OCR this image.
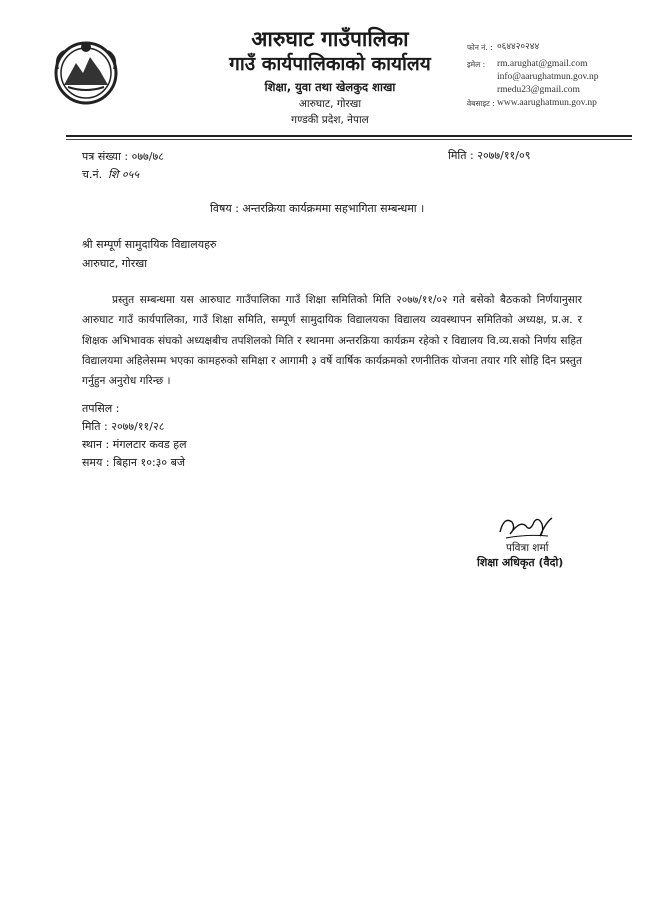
आरुघाट गाउँपालिका
गाउँ कार्यपालिकाको कार्यालय
शिक्षा, युवा तथा खेलकुद शाखा
आरुघाट, गोरखा
गण्डकी प्रदेश, नेपाल
फोन नं. : ०६४४२०२४४
इमेल :	rm.arughat@gmail.com
info@aarughatmun.gov.np
rmedu23@gmail.com
वेबसाइट : www.aarughatmun.gov.np
पत्र संख्या : ०७७/७८	मिति : २०७७/११/०९
च.नं. शि ०५५
विषय : अन्तरक्रिया कार्यक्रममा सहभागिता सम्बन्धमा ।
श्री सम्पूर्ण सामुदायिक विद्यालयहरु
आरुघाट, गोरखा
प्रस्तुत सम्बन्धमा यस आरुघाट गाउँपालिका गाउँ शिक्षा समितिको मिति २०७७/११/०२ गते बसेको बैठकको निर्णयानुसार आरुघाट गाउँ कार्यपालिका, गाउँ शिक्षा समिति, सम्पूर्ण सामुदायिक विद्यालयका विद्यालय व्यवस्थापन समितिको अध्यक्ष, प्र.अ. र शिक्षक अभिभावक संघको अध्यक्षबीच तपशिलको मिति र स्थानमा अन्तरक्रिया कार्यक्रम रहेको र विद्यालय वि.व्य.सको निर्णय सहित विद्यालयमा अहिलेसम्म भएका कामहरुको समिक्षा र आगामी ३ वर्षे वार्षिक कार्यक्रमको रणनीतिक योजना तयार गरि सोहि दिन प्रस्तुत गर्नुहुन अनुरोध गरिन्छ ।
तपसिल :
मिति : २०७७/११/२८
स्थान : मंगलटार कवड हल
समय : बिहान १०:३० बजे
पवित्रा शर्मा
शिक्षा अधिकृत (वैदो)
